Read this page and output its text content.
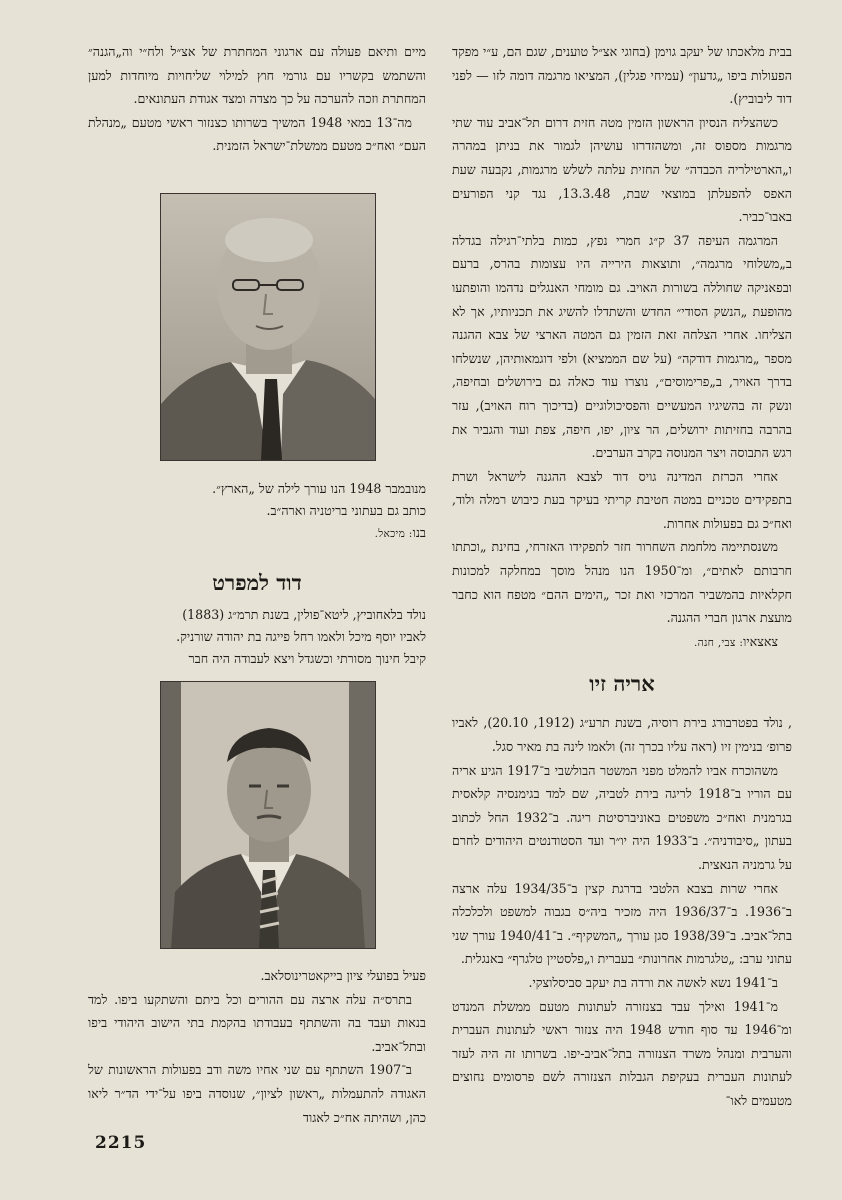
בבית מלאכתו של יעקב גוימן (בחוגי אצ״ל טוענים, שגם הם, ע״י מפקד הפעולות ביפו „גדעון״ (עמיחי פגלין), המציאו מרגמה דומה לזו — לפני דוד ליבוביץ).

כשהצליח הנסיון הראשון הזמין מטה חזית דרום תל־אביב עוד שתי מרגמות מספוס זה, ומשהזדרזו עושיהן לגמור את בניתן במהרה ו„הארטילריה הכבדה״ של החזית עלתה לשלש מרגמות, נקבעה שעת האפס להפעלתן במוצאי שבת, 13.3.48, נגד קני הפורעים באבו־כביר.

המרגמה העיפה 37 ק״ג חמרי נפץ, כמות בלתי־רגילה בגדלה ב„משלוחי מרגמה״, ותוצאות הירייה היו עצומות בהרס, ברעם ובפאניקה שחוללה בשורות האויב. גם מומחי האנגלים נדהמו והופתעו מהופעת „הנשק הסודי״ החדש והשתדלו להשיג את תכניותיו, אך לא הצליחו. אחרי הצלחה זאת הזמין גם המטה הארצי של צבא ההגנה מספר „מרגמות דודקה״ (על שם הממציא) ולפי דוגמאותיהן, שנשלחו בדרך האויר, ב„פרימוסים״, נוצרו עוד כאלה גם בירושלים ובחיפה, ונשק זה בהשיגיו המעשיים והפסיכולוגיים (בדיכוך רוח האויב), עזר בהרבה בחזיתות ירושלים, הר ציון, יפו, חיפה, צפת ועוד והגביר את רגש התבוסה ויצר המנוסה בקרב הערבים.

אחרי הכרזת המדינה גויס דוד לצבא ההגנה לישראל ושרת בתפקידים טכניים במטה חטיבת קריתי בעיקר בעת כיבוש רמלה ולוד, ואח״כ גם בפעולות אחרות.

משנסתיימה מלחמת השחרור חזר לתפקידו האזרחי, בחינת „וכתתו חרבותם לאתים״, ומ־1950 הנו מנהל מוסך במחלקה למכונות חקלאיות בהמשביר המרכזי ואת זכר „הימים ההם״ מטפח הוא כחבר מועצת ארגון חברי ההגנה.

צאצאיו: צבי, חנה.

אריה זיו

, נולד בפטרבורג בירת רוסיה, בשנת תרע״ג (1912, 20.10), לאביו פרופ׳ בנימין זיו (ראה עליו בכרך זה) ולאמו לינה בת מאיר סגל.

משהוכרח אביו להמלט מפני המשטר הבולשבי ב־1917 הגיע אריה עם הוריו ב־1918 לריגה בירת לטביה, שם למד בגימנסיה קלאסית בגרמנית ואח״כ משפטים באוניברסיטת ריגה. ב־1932 החל לכתוב בעתון „סיבודניה״. ב־1933 היה יו״ר ועד הסטודנטים היהודים לחרם על גרמניה הנאצית.

אחרי שרות בצבא הלטבי בדרגת קצין ב־1934/35 עלה ארצה ב־1936. ב־1936/37 היה מזכיר ביה״ס בגבוה למשפט ולכלכלה בתל־אביב. ב־1938/39 סגן עורך „המשקיף״. ב־1940/41 עורך שני עתוני ערב: „טלגרמות אחרונות״ בעברית ו„פלסטיין טלגרף״ באנגלית.

ב־1941 נשא לאשה את ורדה בת יעקב סביסלוצקי.

מ־1941 ואילך עבד בצנזורה לעתונות מטעם ממשלת המנדט ומ־1946 עד סוף חודש 1948 היה צנזור ראשי לעתונות העברית והערבית ומנהל משרד הצנזורה בתל־אביב-יפו. בשרותו זה היה לעזר לעתונות העברית בעקיפת הגבלות הצנזורה לשם פרסומים נחוצים מטעמים לאו־

מיים ותיאם פעולה עם ארגוני המחתרת של אצ״ל ולח״י וה„הגנה״ והשתמש בקשריו עם גורמי חוץ למילוי שליחויות מיוחדות למען המחתרת וזכה להערכה על כך מצדה ומצד אגודת העתונאים.

מה־13 במאי 1948 המשיך בשרותו כצנזור ראשי מטעם „מנהלת העם״ ואח״כ מטעם ממשלת־ישראל הזמנית.

מנובמבר 1948 הנו עורך לילה של „הארץ״.
כותב גם בעתוני בריטניה וארה״ב.
בנו: מיכאל.
דוד למפרט
נולד בלאחוביץ, ליטא־פולין, בשנת תרמ״ג (1883)
לאביו יוסף מיכל ולאמו רחל פייגה בת יהודה שורניק.
קיבל חינוך מסורתי וכשגדל ויצא לעבודה היה חבר

פעיל בפועלי ציון בייקאטרינוסלאב.

בתרס״ה עלה ארצה עם ההורים וכל ביתם והשתקעו ביפו. למד בנאות ועבד בה והשתתף בעבודתו בהקמת בתי הישוב היהודי ביפו ובתל־אביב.

ב־1907 השתתף עם שני אחיו משה ודב בפעולות הראשונות של האגודה להתעמלות „ראשון לציון״, שנוסדה ביפו על־ידי הד״ר ליאו כהן, ושהיתה אח״כ לאגוד

2215
